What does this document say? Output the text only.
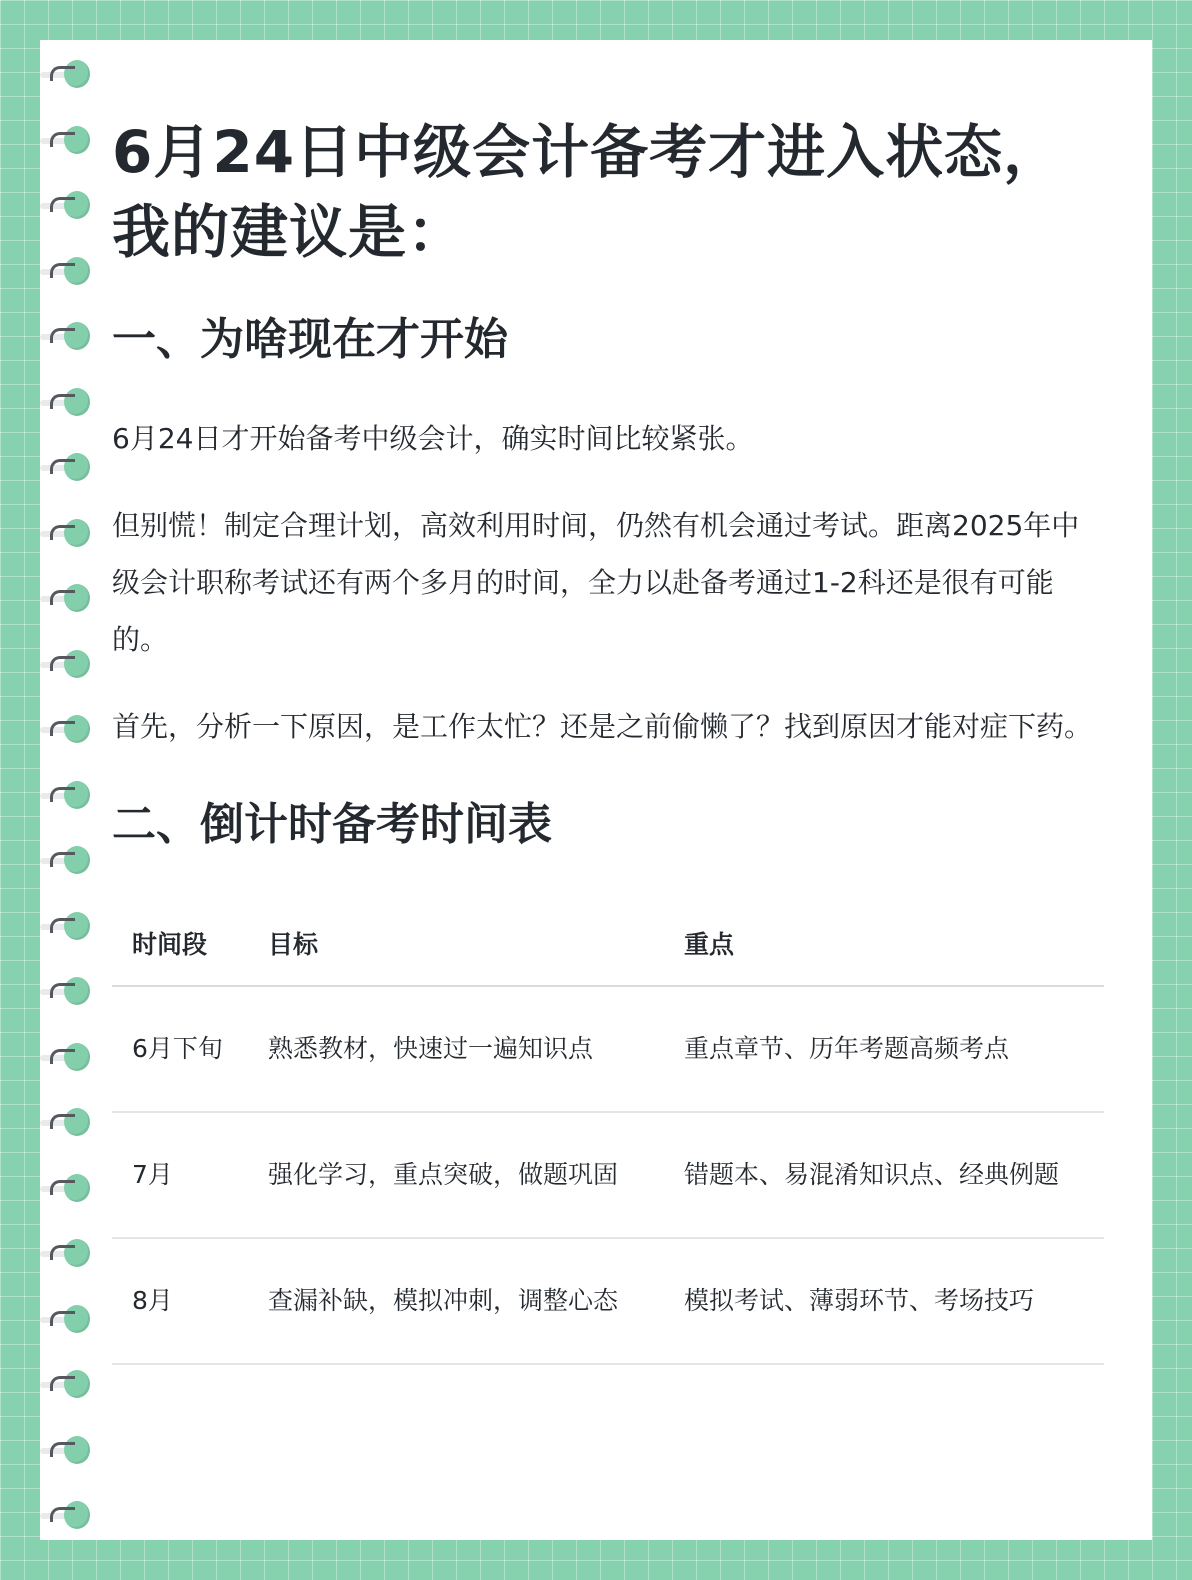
6月24日中级会计备考才进入状态，我的建议是：
一、为啥现在才开始

6月24日才开始备考中级会计，确实时间比较紧张。

但别慌！制定合理计划，高效利用时间，仍然有机会通过考试。距离2025年中级会计职称考试还有两个多月的时间，全力以赴备考通过1-2科还是很有可能的。

首先，分析一下原因，是工作太忙？还是之前偷懒了？找到原因才能对症下药。

二、倒计时备考时间表
时间段	目标	重点
6月下旬	熟悉教材，快速过一遍知识点	重点章节、历年考题高频考点
7月	强化学习，重点突破，做题巩固	错题本、易混淆知识点、经典例题
8月	查漏补缺，模拟冲刺，调整心态	模拟考试、薄弱环节、考场技巧
